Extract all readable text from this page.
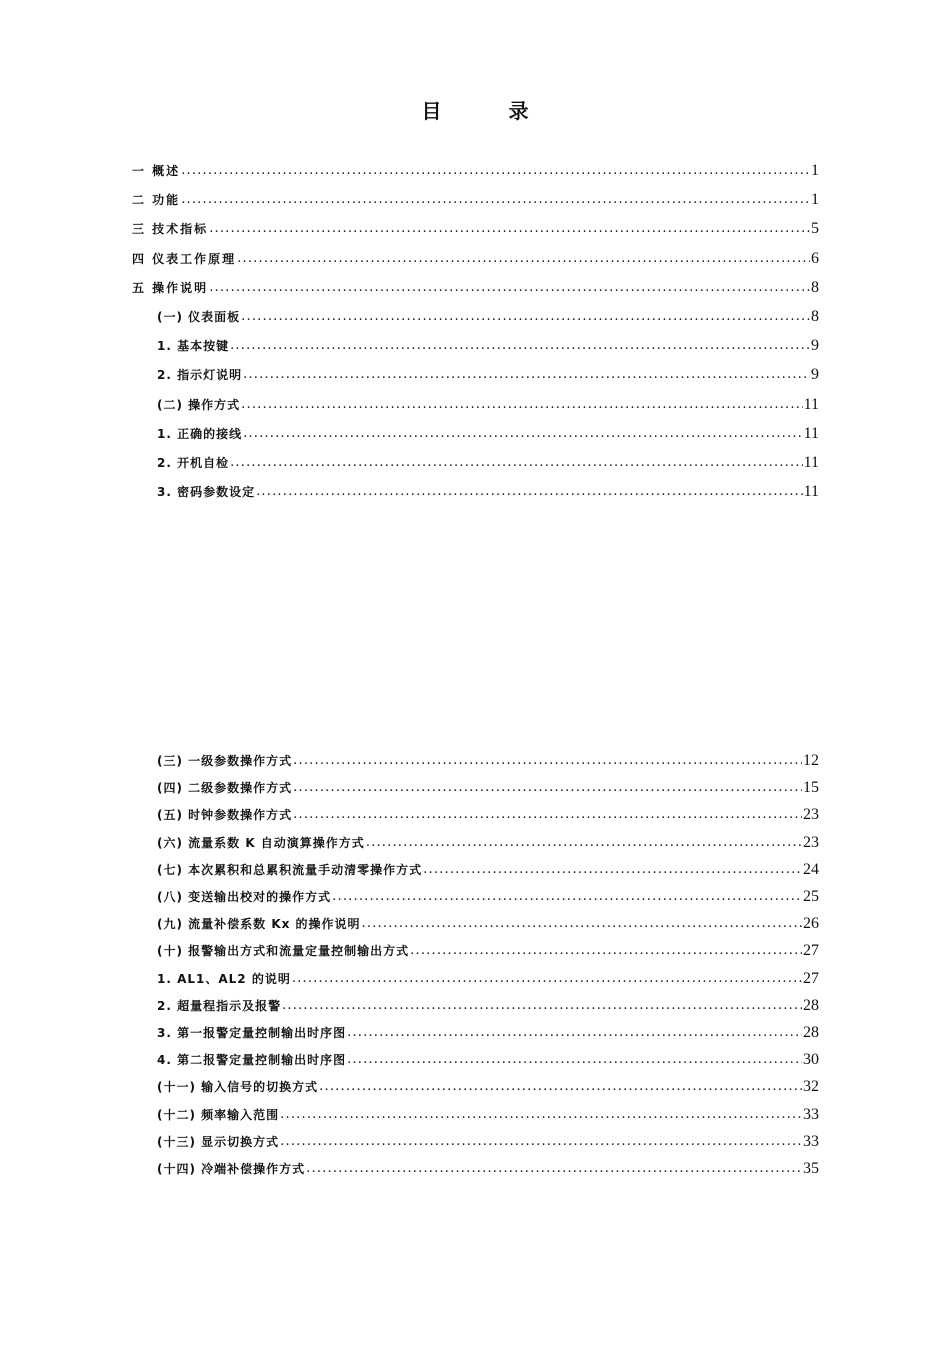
目 录
一 概述 .....	1
二 功能 .....	1
三 技术指标 .....	5
四 仪表工作原理 .....	6
五 操作说明 .....	8
(一) 仪表面板 .....	8
1. 基本按键 .....	9
2. 指示灯说明 .....	9
(二) 操作方式 .....	11
1. 正确的接线 .....	11
2. 开机自检 .....	11
3. 密码参数设定 .....	11
(三) 一级参数操作方式 .....	12
(四) 二级参数操作方式 .....	15
(五) 时钟参数操作方式 .....	23
(六) 流量系数 K 自动演算操作方式 .....	23
(七) 本次累积和总累积流量手动清零操作方式 .....	24
(八) 变送输出校对的操作方式 .....	25
(九) 流量补偿系数 Kx 的操作说明 .....	26
(十) 报警输出方式和流量定量控制输出方式 .....	27
1. AL1、AL2 的说明 .....	27
2. 超量程指示及报警 .....	28
3. 第一报警定量控制输出时序图 .....	28
4. 第二报警定量控制输出时序图 .....	30
(十一) 输入信号的切换方式 .....	32
(十二) 频率输入范围 .....	33
(十三) 显示切换方式 .....	33
(十四) 冷端补偿操作方式 .....	35
